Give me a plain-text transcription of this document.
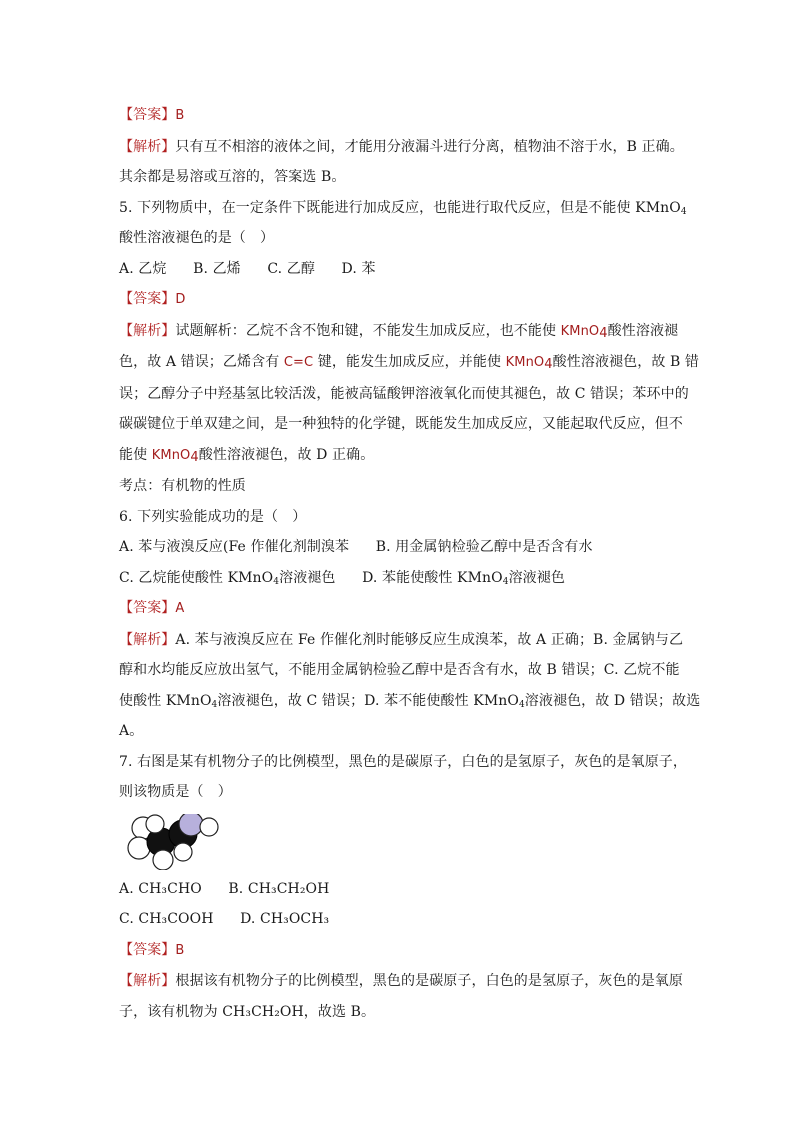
【答案】B
【解析】只有互不相溶的液体之间，才能用分液漏斗进行分离，植物油不溶于水，B 正确。
其余都是易溶或互溶的，答案选 B。
5. 下列物质中，在一定条件下既能进行加成反应，也能进行取代反应，但是不能使 KMnO$_4$
酸性溶液褪色的是（　）
A. 乙烷 B. 乙烯 C. 乙醇 D. 苯
【答案】D
【解析】试题解析：乙烷不含不饱和键，不能发生加成反应，也不能使 KMnO$_4$酸性溶液褪
色，故 A 错误；乙烯含有 C=C 键，能发生加成反应，并能使 KMnO$_4$酸性溶液褪色，故 B 错
误；乙醇分子中羟基氢比较活泼，能被高锰酸钾溶液氧化而使其褪色，故 C 错误；苯环中的
碳碳键位于单双建之间，是一种独特的化学键，既能发生加成反应，又能起取代反应，但不
能使 KMnO$_4$酸性溶液褪色，故 D 正确。
考点：有机物的性质
6. 下列实验能成功的是（　）
A. 苯与液溴反应(Fe 作催化剂制溴苯 B. 用金属钠检验乙醇中是否含有水
C. 乙烷能使酸性 KMnO$_4$溶液褪色 D. 苯能使酸性 KMnO$_4$溶液褪色
【答案】A
【解析】A. 苯与液溴反应在 Fe 作催化剂时能够反应生成溴苯，故 A 正确；B. 金属钠与乙
醇和水均能反应放出氢气，不能用金属钠检验乙醇中是否含有水，故 B 错误；C. 乙烷不能
使酸性 KMnO$_4$溶液褪色，故 C 错误；D. 苯不能使酸性 KMnO$_4$溶液褪色，故 D 错误；故选
A。
7. 右图是某有机物分子的比例模型，黑色的是碳原子，白色的是氢原子，灰色的是氧原子，
则该物质是（　）
A. CH₃CHO B. CH₃CH₂OH
C. CH₃COOH D. CH₃OCH₃
【答案】B
【解析】根据该有机物分子的比例模型，黑色的是碳原子，白色的是氢原子，灰色的是氧原
子，该有机物为 CH₃CH₂OH，故选 B。
